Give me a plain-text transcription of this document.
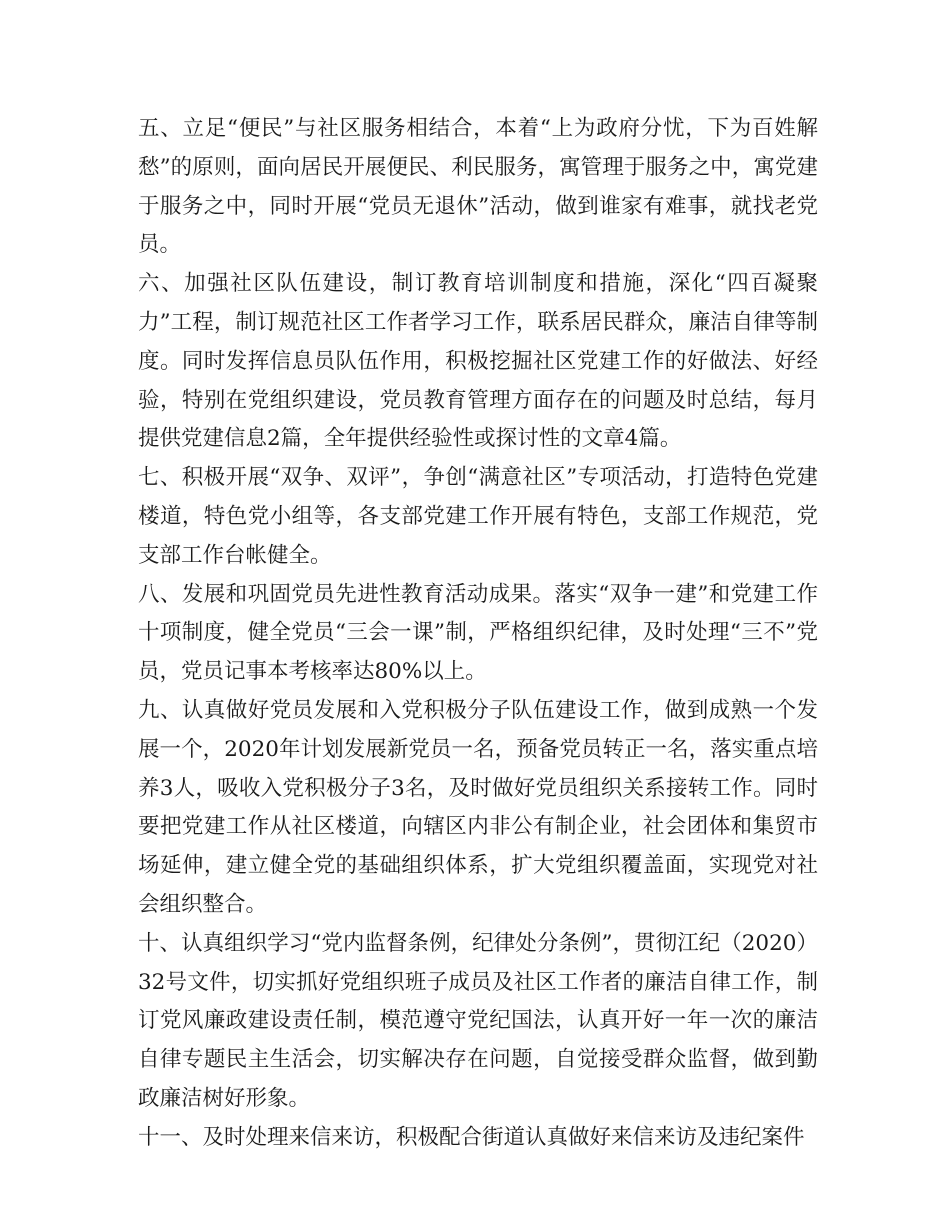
五、立足“便民”与社区服务相结合，本着“上为政府分忧，下为百姓解愁”的原则，面向居民开展便民、利民服务，寓管理于服务之中，寓党建于服务之中，同时开展“党员无退休”活动，做到谁家有难事，就找老党员。

六、加强社区队伍建设，制订教育培训制度和措施，深化“四百凝聚力”工程，制订规范社区工作者学习工作，联系居民群众，廉洁自律等制度。同时发挥信息员队伍作用，积极挖掘社区党建工作的好做法、好经验，特别在党组织建设，党员教育管理方面存在的问题及时总结，每月提供党建信息2篇，全年提供经验性或探讨性的文章4篇。

七、积极开展“双争、双评”，争创“满意社区”专项活动，打造特色党建楼道，特色党小组等，各支部党建工作开展有特色，支部工作规范，党支部工作台帐健全。

八、发展和巩固党员先进性教育活动成果。落实“双争一建”和党建工作十项制度，健全党员“三会一课”制，严格组织纪律，及时处理“三不”党员，党员记事本考核率达80%以上。

九、认真做好党员发展和入党积极分子队伍建设工作，做到成熟一个发展一个，2020年计划发展新党员一名，预备党员转正一名，落实重点培养3人，吸收入党积极分子3名，及时做好党员组织关系接转工作。同时要把党建工作从社区楼道，向辖区内非公有制企业，社会团体和集贸市场延伸，建立健全党的基础组织体系，扩大党组织覆盖面，实现党对社会组织整合。

十、认真组织学习“党内监督条例，纪律处分条例”，贯彻江纪（2020）32号文件，切实抓好党组织班子成员及社区工作者的廉洁自律工作，制订党风廉政建设责任制，模范遵守党纪国法，认真开好一年一次的廉洁自律专题民主生活会，切实解决存在问题，自觉接受群众监督，做到勤政廉洁树好形象。

十一、及时处理来信来访，积极配合街道认真做好来信来访及违纪案件
